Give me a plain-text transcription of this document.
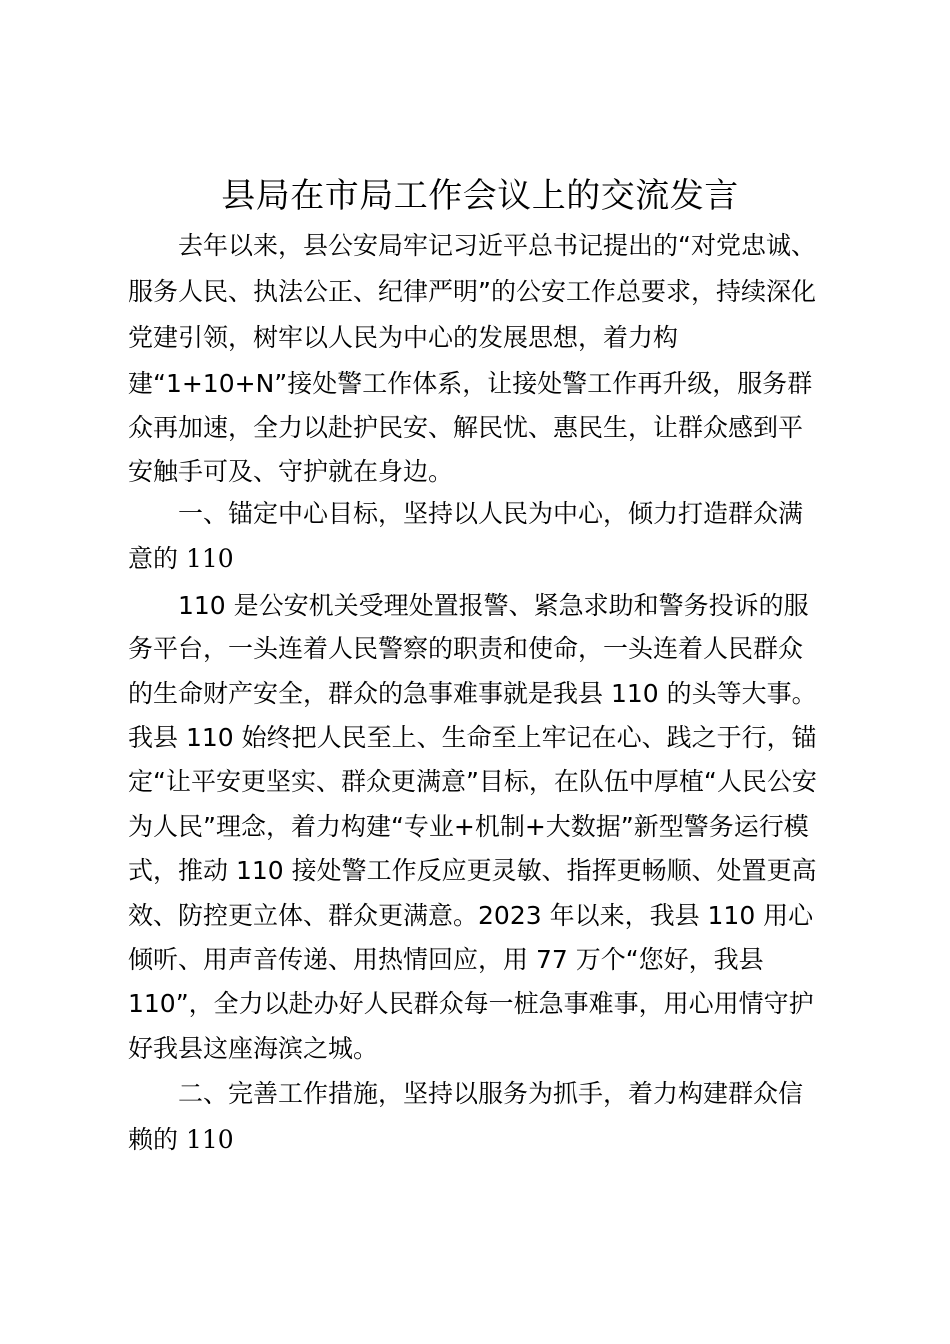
县局在市局工作会议上的交流发言

去年以来，县公安局牢记习近平总书记提出的“对党忠诚、

服务人民、执法公正、纪律严明”的公安工作总要求，持续深化

党建引领，树牢以人民为中心的发展思想，着力构

建“1+10+N”接处警工作体系，让接处警工作再升级，服务群

众再加速，全力以赴护民安、解民忧、惠民生，让群众感到平

安触手可及、守护就在身边。

一、锚定中心目标，坚持以人民为中心，倾力打造群众满

意的 110

110 是公安机关受理处置报警、紧急求助和警务投诉的服

务平台，一头连着人民警察的职责和使命，一头连着人民群众

的生命财产安全，群众的急事难事就是我县 110 的头等大事。

我县 110 始终把人民至上、生命至上牢记在心、践之于行，锚

定“让平安更坚实、群众更满意”目标，在队伍中厚植“人民公安

为人民”理念，着力构建“专业+机制+大数据”新型警务运行模

式，推动 110 接处警工作反应更灵敏、指挥更畅顺、处置更高

效、防控更立体、群众更满意。2023 年以来，我县 110 用心

倾听、用声音传递、用热情回应，用 77 万个“您好，我县

110”，全力以赴办好人民群众每一桩急事难事，用心用情守护

好我县这座海滨之城。

二、完善工作措施，坚持以服务为抓手，着力构建群众信

赖的 110
